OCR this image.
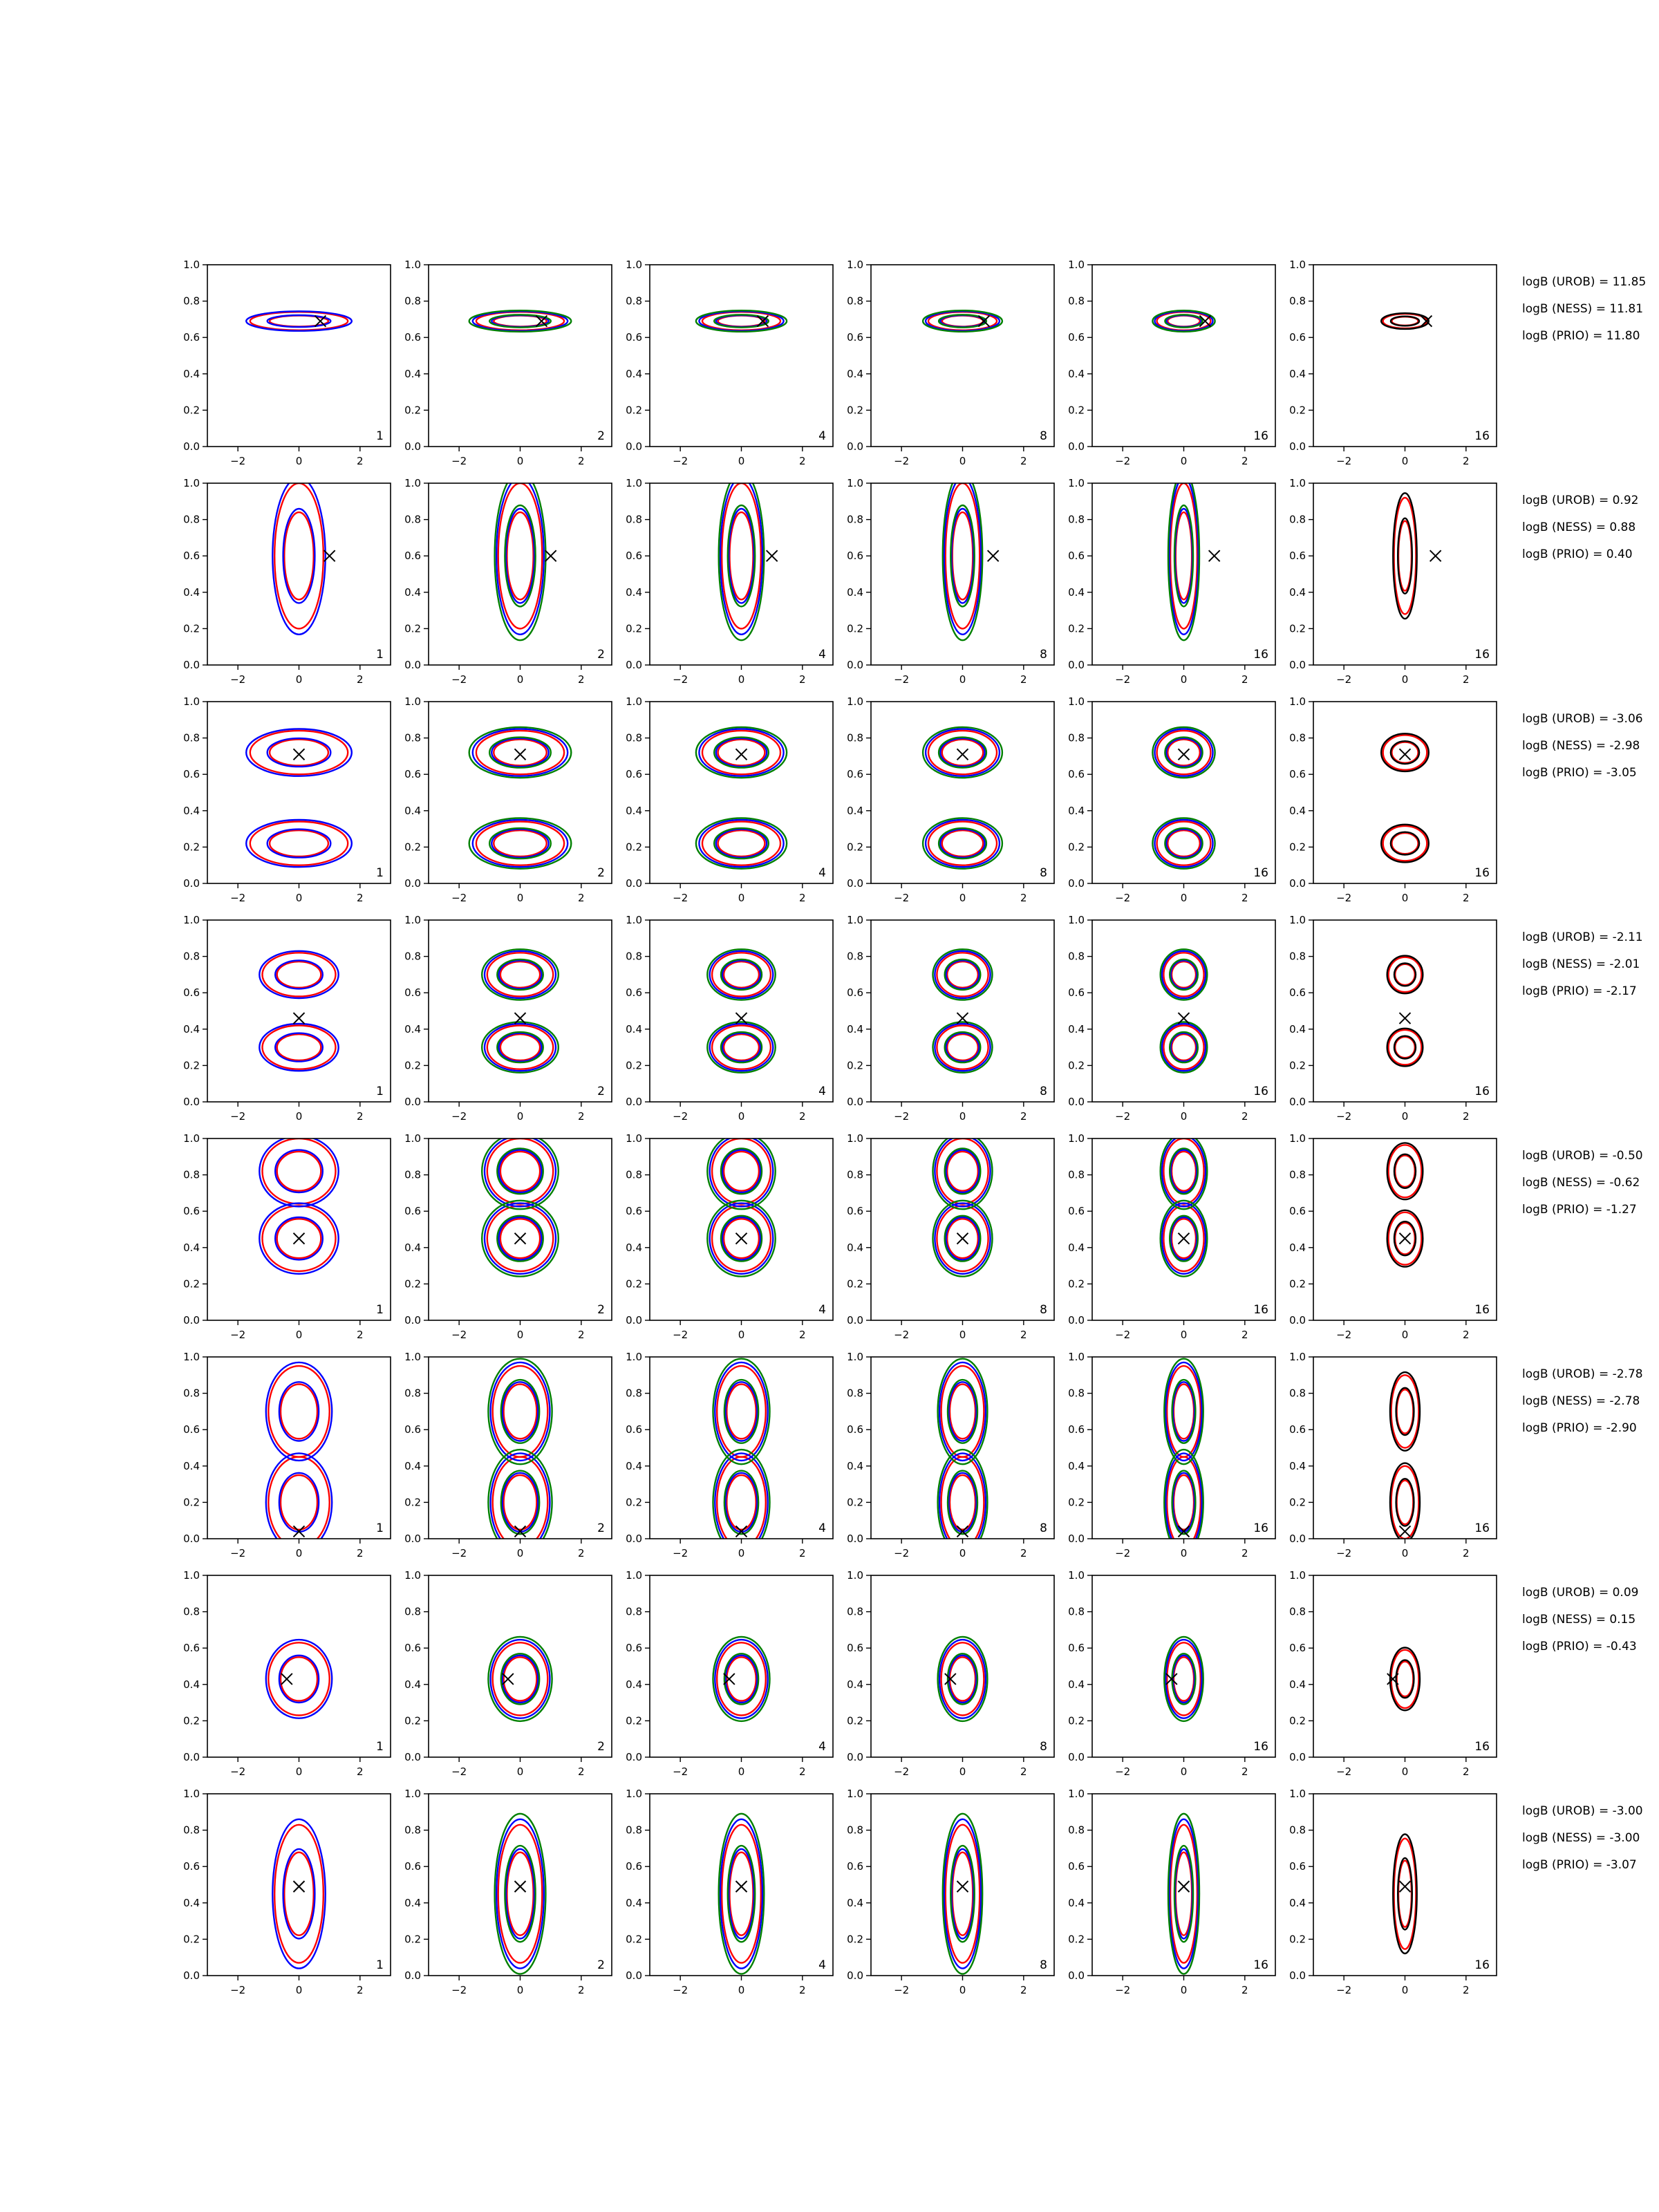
−2	0	2
0.0
0.2
0.4
0.6
0.8
1.0
1
−2	0	2
0.0
0.2
0.4
0.6
0.8
1.0
2
−2	0	2
0.0
0.2
0.4
0.6
0.8
1.0
4
−2	0	2
0.0
0.2
0.4
0.6
0.8
1.0
8
−2	0	2
0.0
0.2
0.4
0.6
0.8
1.0
16
−2	0	2
0.0
0.2
0.4
0.6
0.8
1.0
16
−2	0	2
0.0
0.2
0.4
0.6
0.8
1.0
1
−2	0	2
0.0
0.2
0.4
0.6
0.8
1.0
2
−2	0	2
0.0
0.2
0.4
0.6
0.8
1.0
4
−2	0	2
0.0
0.2
0.4
0.6
0.8
1.0
8
−2	0	2
0.0
0.2
0.4
0.6
0.8
1.0
16
−2	0	2
0.0
0.2
0.4
0.6
0.8
1.0
16
−2	0	2
0.0
0.2
0.4
0.6
0.8
1.0
1
−2	0	2
0.0
0.2
0.4
0.6
0.8
1.0
2
−2	0	2
0.0
0.2
0.4
0.6
0.8
1.0
4
−2	0	2
0.0
0.2
0.4
0.6
0.8
1.0
8
−2	0	2
0.0
0.2
0.4
0.6
0.8
1.0
16
−2	0	2
0.0
0.2
0.4
0.6
0.8
1.0
16
−2	0	2
0.0
0.2
0.4
0.6
0.8
1.0
1
−2	0	2
0.0
0.2
0.4
0.6
0.8
1.0
2
−2	0	2
0.0
0.2
0.4
0.6
0.8
1.0
4
−2	0	2
0.0
0.2
0.4
0.6
0.8
1.0
8
−2	0	2
0.0
0.2
0.4
0.6
0.8
1.0
16
−2	0	2
0.0
0.2
0.4
0.6
0.8
1.0
16
−2	0	2
0.0
0.2
0.4
0.6
0.8
1.0
1
−2	0	2
0.0
0.2
0.4
0.6
0.8
1.0
2
−2	0	2
0.0
0.2
0.4
0.6
0.8
1.0
4
−2	0	2
0.0
0.2
0.4
0.6
0.8
1.0
8
−2	0	2
0.0
0.2
0.4
0.6
0.8
1.0
16
−2	0	2
0.0
0.2
0.4
0.6
0.8
1.0
16
−2	0	2
0.0
0.2
0.4
0.6
0.8
1.0
1
−2	0	2
0.0
0.2
0.4
0.6
0.8
1.0
2
−2	0	2
0.0
0.2
0.4
0.6
0.8
1.0
4
−2	0	2
0.0
0.2
0.4
0.6
0.8
1.0
8
−2	0	2
0.0
0.2
0.4
0.6
0.8
1.0
16
−2	0	2
0.0
0.2
0.4
0.6
0.8
1.0
16
−2	0	2
0.0
0.2
0.4
0.6
0.8
1.0
1
−2	0	2
0.0
0.2
0.4
0.6
0.8
1.0
2
−2	0	2
0.0
0.2
0.4
0.6
0.8
1.0
4
−2	0	2
0.0
0.2
0.4
0.6
0.8
1.0
8
−2	0	2
0.0
0.2
0.4
0.6
0.8
1.0
16
−2	0	2
0.0
0.2
0.4
0.6
0.8
1.0
16
−2	0	2
0.0
0.2
0.4
0.6
0.8
1.0
1
−2	0	2
0.0
0.2
0.4
0.6
0.8
1.0
2
−2	0	2
0.0
0.2
0.4
0.6
0.8
1.0
4
−2	0	2
0.0
0.2
0.4
0.6
0.8
1.0
8
−2	0	2
0.0
0.2
0.4
0.6
0.8
1.0
16
−2	0	2
0.0
0.2
0.4
0.6
0.8
1.0
16
logB (UROB) = 11.85
logB (NESS) = 11.81
logB (PRIO) = 11.80
logB (UROB) = 0.92
logB (NESS) = 0.88
logB (PRIO) = 0.40
logB (UROB) = -3.06
logB (NESS) = -2.98
logB (PRIO) = -3.05
logB (UROB) = -2.11
logB (NESS) = -2.01
logB (PRIO) = -2.17
logB (UROB) = -0.50
logB (NESS) = -0.62
logB (PRIO) = -1.27
logB (UROB) = -2.78
logB (NESS) = -2.78
logB (PRIO) = -2.90
logB (UROB) = 0.09
logB (NESS) = 0.15
logB (PRIO) = -0.43
logB (UROB) = -3.00
logB (NESS) = -3.00
logB (PRIO) = -3.07
